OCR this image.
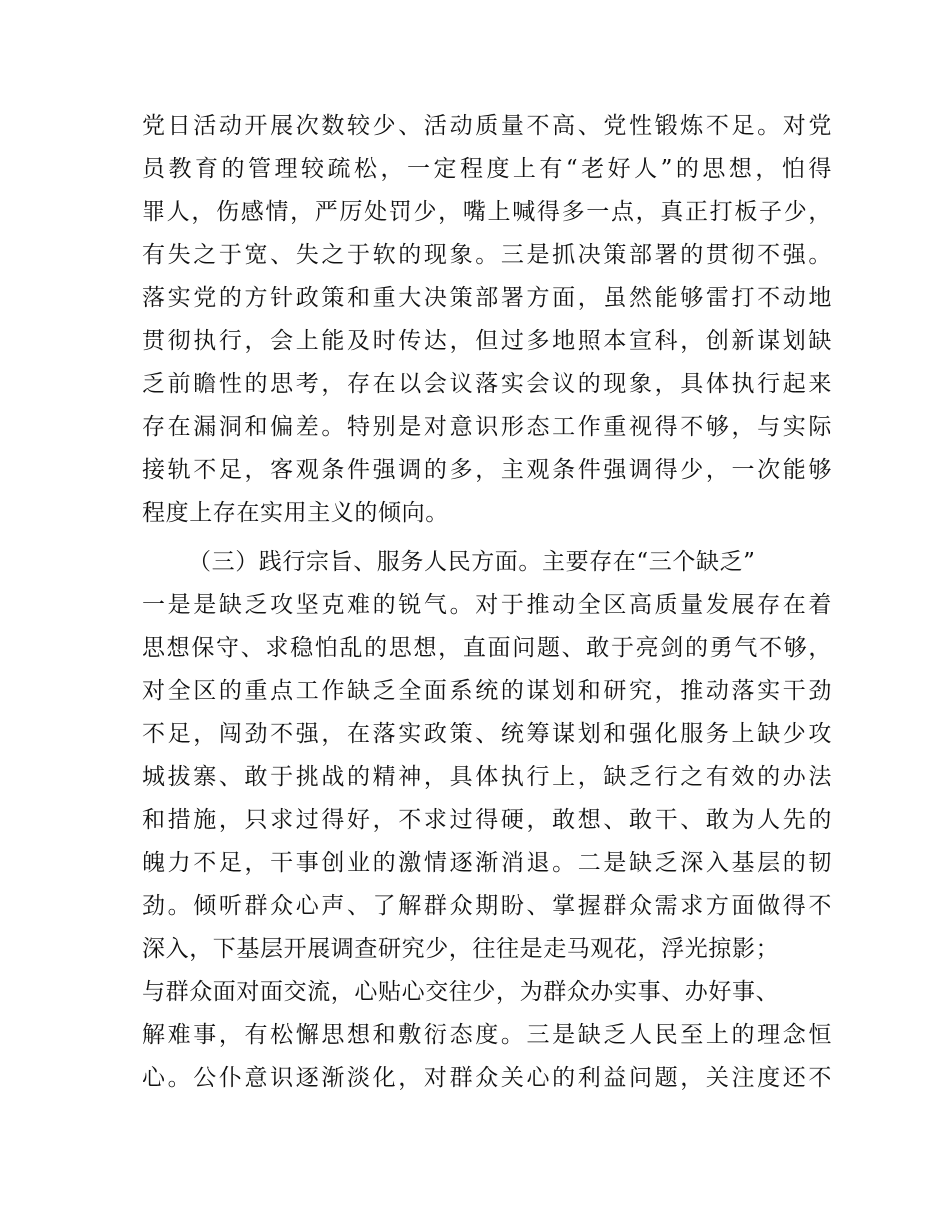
党日活动开展次数较少、活动质量不高、党性锻炼不足。对党
员教育的管理较疏松，一定程度上有“老好人”的思想，怕得
罪人，伤感情，严厉处罚少，嘴上喊得多一点，真正打板子少，
有失之于宽、失之于软的现象。三是抓决策部署的贯彻不强。
落实党的方针政策和重大决策部署方面，虽然能够雷打不动地
贯彻执行，会上能及时传达，但过多地照本宣科，创新谋划缺
乏前瞻性的思考，存在以会议落实会议的现象，具体执行起来
存在漏洞和偏差。特别是对意识形态工作重视得不够，与实际
接轨不足，客观条件强调的多，主观条件强调得少，一次能够
程度上存在实用主义的倾向。
（三）践行宗旨、服务人民方面。主要存在“三个缺乏”
一是是缺乏攻坚克难的锐气。对于推动全区高质量发展存在着
思想保守、求稳怕乱的思想，直面问题、敢于亮剑的勇气不够，
对全区的重点工作缺乏全面系统的谋划和研究，推动落实干劲
不足，闯劲不强，在落实政策、统筹谋划和强化服务上缺少攻
城拔寨、敢于挑战的精神，具体执行上，缺乏行之有效的办法
和措施，只求过得好，不求过得硬，敢想、敢干、敢为人先的
魄力不足，干事创业的激情逐渐消退。二是缺乏深入基层的韧
劲。倾听群众心声、了解群众期盼、掌握群众需求方面做得不
深入，下基层开展调查研究少，往往是走马观花，浮光掠影；
与群众面对面交流，心贴心交往少，为群众办实事、办好事、
解难事，有松懈思想和敷衍态度。三是缺乏人民至上的理念恒
心。公仆意识逐渐淡化，对群众关心的利益问题，关注度还不
